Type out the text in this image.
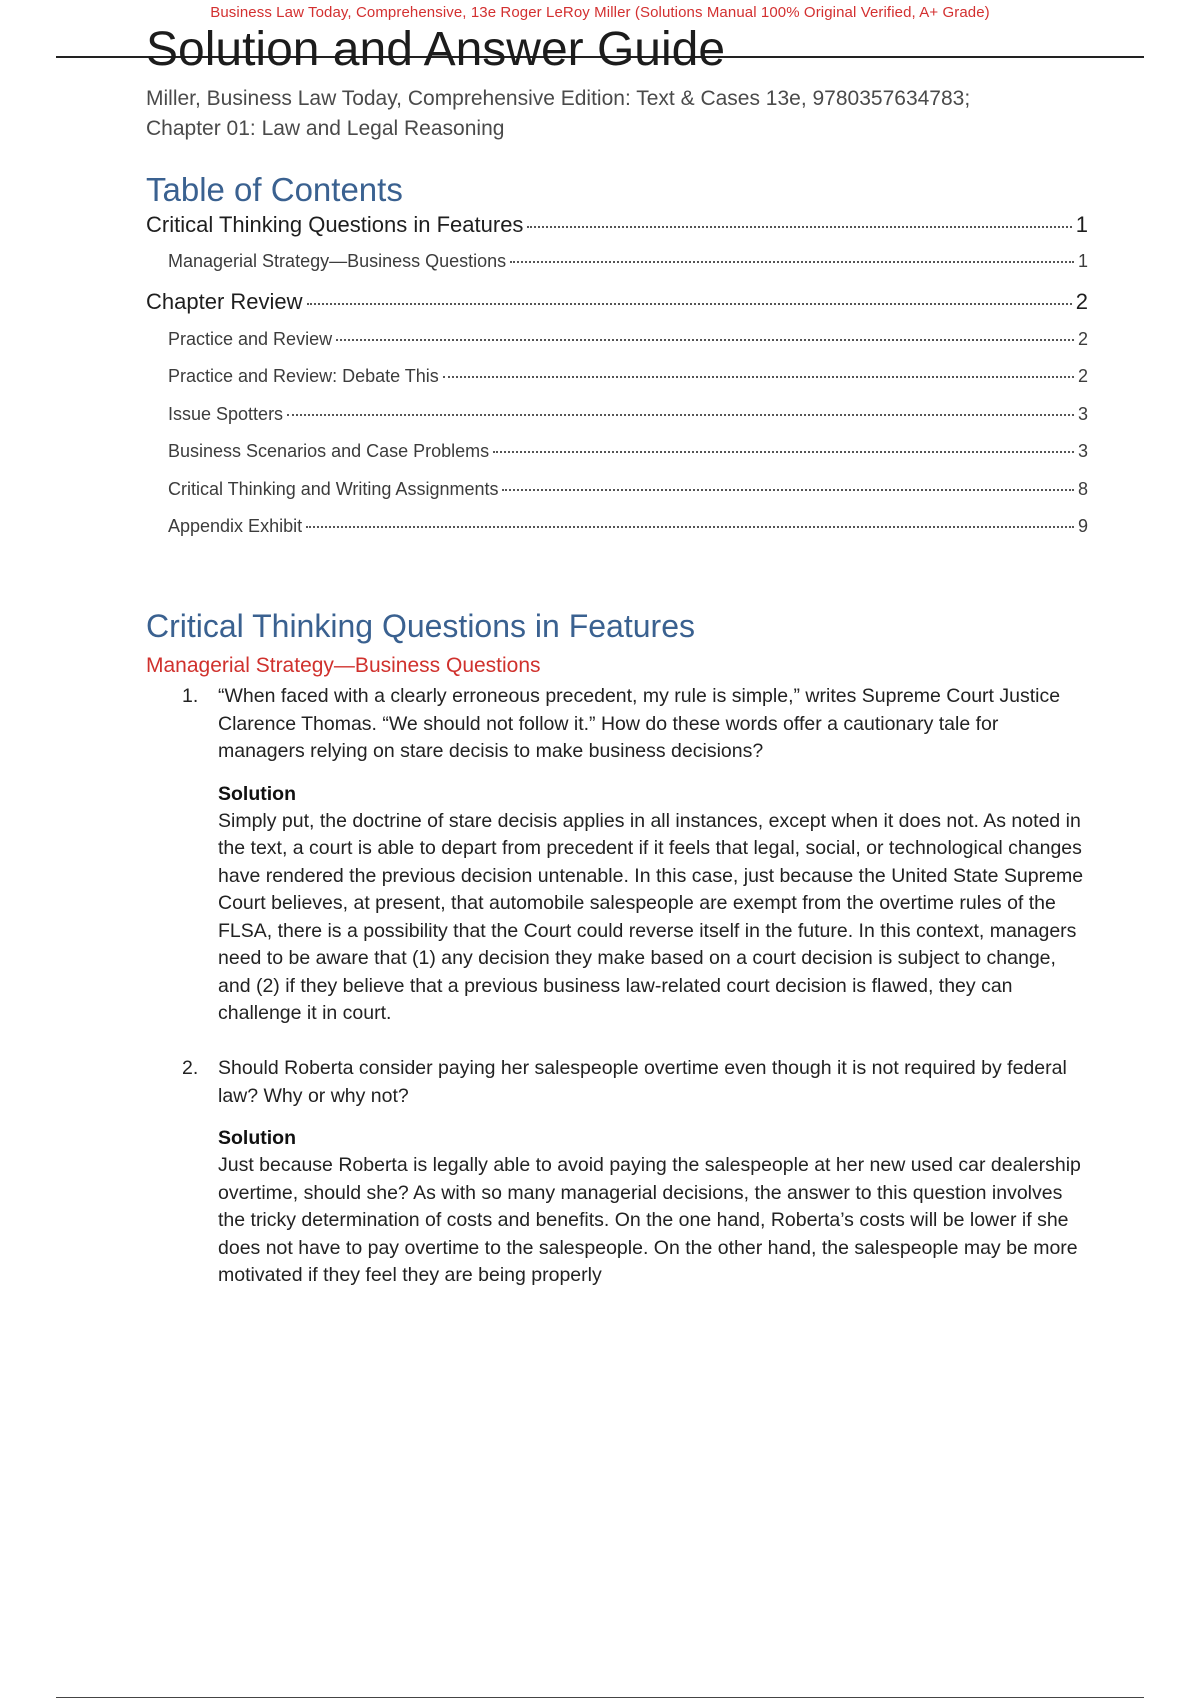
Business Law Today, Comprehensive, 13e Roger LeRoy Miller (Solutions Manual 100% Original Verified, A+ Grade)
Solution and Answer Guide
Miller, Business Law Today, Comprehensive Edition: Text & Cases 13e, 9780357634783;
Chapter 01: Law and Legal Reasoning
Table of Contents
Critical Thinking Questions in Features	1
Managerial Strategy—Business Questions	1
Chapter Review	2
Practice and Review	2
Practice and Review: Debate This	2
Issue Spotters	3
Business Scenarios and Case Problems	3
Critical Thinking and Writing Assignments	8
Appendix Exhibit	9
Critical Thinking Questions in Features
Managerial Strategy—Business Questions
1. “When faced with a clearly erroneous precedent, my rule is simple,” writes Supreme Court Justice Clarence Thomas. “We should not follow it.” How do these words offer a cautionary tale for managers relying on stare decisis to make business decisions?

Solution

Simply put, the doctrine of stare decisis applies in all instances, except when it does not. As noted in the text, a court is able to depart from precedent if it feels that legal, social, or technological changes have rendered the previous decision untenable. In this case, just because the United State Supreme Court believes, at present, that automobile salespeople are exempt from the overtime rules of the FLSA, there is a possibility that the Court could reverse itself in the future. In this context, managers need to be aware that (1) any decision they make based on a court decision is subject to change, and (2) if they believe that a previous business law-related court decision is flawed, they can challenge it in court.

2. Should Roberta consider paying her salespeople overtime even though it is not required by federal law? Why or why not?

Solution

Just because Roberta is legally able to avoid paying the salespeople at her new used car dealership overtime, should she? As with so many managerial decisions, the answer to this question involves the tricky determination of costs and benefits. On the one hand, Roberta’s costs will be lower if she does not have to pay overtime to the salespeople. On the other hand, the salespeople may be more motivated if they feel they are being properly
